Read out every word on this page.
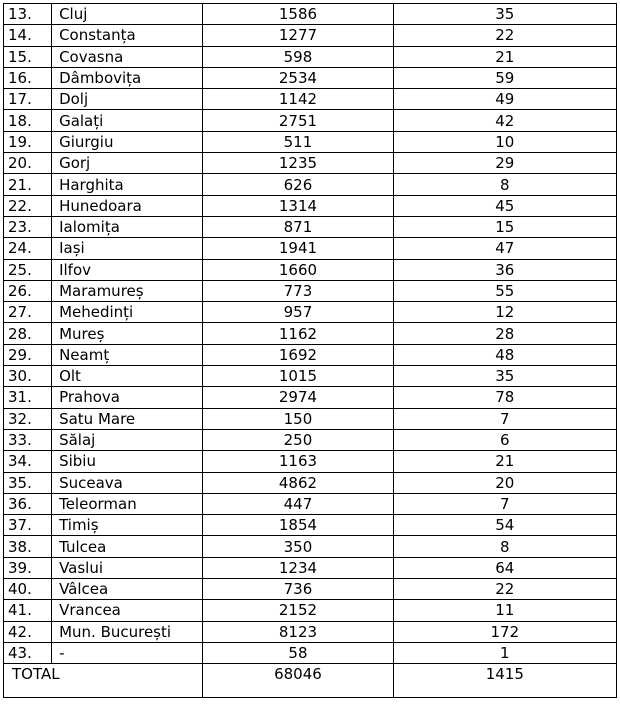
13.	Cluj	1586	35
14.	Constanța	1277	22
15.	Covasna	598	21
16.	Dâmbovița	2534	59
17.	Dolj	1142	49
18.	Galați	2751	42
19.	Giurgiu	511	10
20.	Gorj	1235	29
21.	Harghita	626	8
22.	Hunedoara	1314	45
23.	Ialomița	871	15
24.	Iași	1941	47
25.	Ilfov	1660	36
26.	Maramureș	773	55
27.	Mehedinți	957	12
28.	Mureș	1162	28
29.	Neamț	1692	48
30.	Olt	1015	35
31.	Prahova	2974	78
32.	Satu Mare	150	7
33.	Sălaj	250	6
34.	Sibiu	1163	21
35.	Suceava	4862	20
36.	Teleorman	447	7
37.	Timiș	1854	54
38.	Tulcea	350	8
39.	Vaslui	1234	64
40.	Vâlcea	736	22
41.	Vrancea	2152	11
42.	Mun. București	8123	172
43.	-	58	1
TOTAL		68046	1415
